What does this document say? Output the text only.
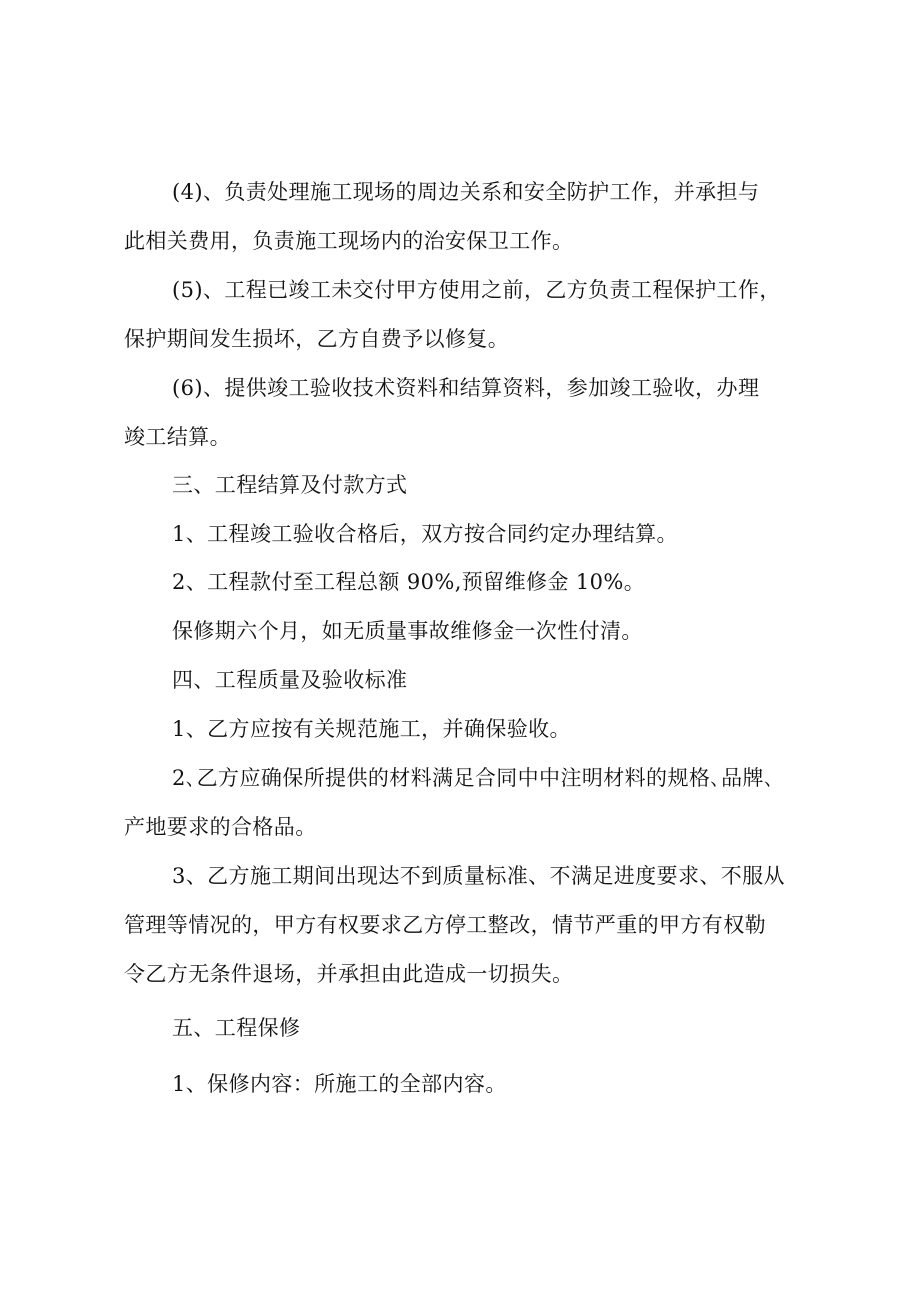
(4)、负责处理施工现场的周边关系和安全防护工作，并承担与
此相关费用，负责施工现场内的治安保卫工作。
(5)、工程已竣工未交付甲方使用之前，乙方负责工程保护工作，
保护期间发生损坏，乙方自费予以修复。
(6)、提供竣工验收技术资料和结算资料，参加竣工验收，办理
竣工结算。
三、工程结算及付款方式
1、工程竣工验收合格后，双方按合同约定办理结算。
2、工程款付至工程总额 90%,预留维修金 10%。
保修期六个月，如无质量事故维修金一次性付清。
四、工程质量及验收标准
1、乙方应按有关规范施工，并确保验收。
2､乙方应确保所提供的材料满足合同中中注明材料的规格､品牌､
产地要求的合格品。
3、乙方施工期间出现达不到质量标准、不满足进度要求、不服从
管理等情况的，甲方有权要求乙方停工整改，情节严重的甲方有权勒
令乙方无条件退场，并承担由此造成一切损失。
五、工程保修
1、保修内容：所施工的全部内容。
